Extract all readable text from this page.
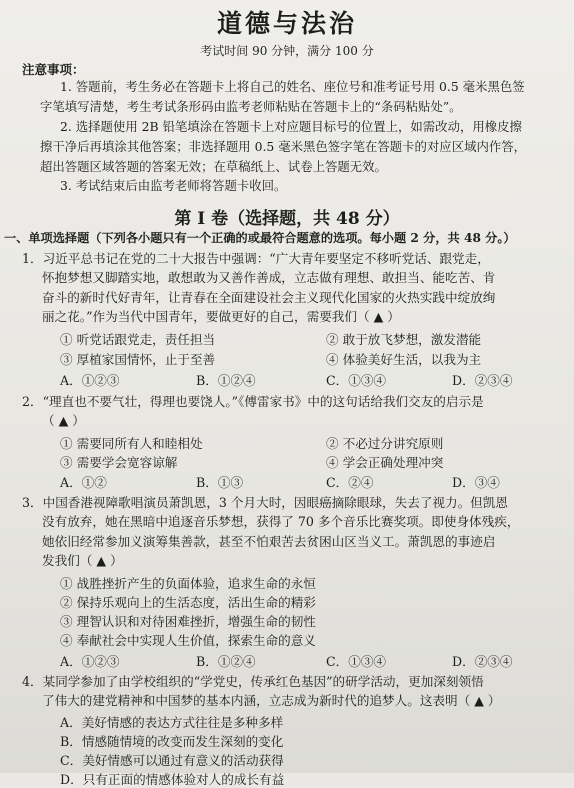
道德与法治
考试时间 90 分钟，满分 100 分
注意事项：
1. 答题前，考生务必在答题卡上将自己的姓名、座位号和准考证号用 0.5 毫米黑色签
字笔填写清楚，考生考试条形码由监考老师粘贴在答题卡上的“条码粘贴处”。
2. 选择题使用 2B 铅笔填涂在答题卡上对应题目标号的位置上，如需改动，用橡皮擦
擦干净后再填涂其他答案；非选择题用 0.5 毫米黑色签字笔在答题卡的对应区域内作答，
超出答题区域答题的答案无效；在草稿纸上、试卷上答题无效。
3. 考试结束后由监考老师将答题卡收回。
第 Ⅰ 卷（选择题，共 48 分）
一、单项选择题（下列各小题只有一个正确的或最符合题意的选项。每小题 2 分，共 48 分。）
1．习近平总书记在党的二十大报告中强调：“广大青年要坚定不移听党话、跟党走，
怀抱梦想又脚踏实地，敢想敢为又善作善成，立志做有理想、敢担当、能吃苦、肯
奋斗的新时代好青年，让青春在全面建设社会主义现代化国家的火热实践中绽放绚
丽之花。”作为当代中国青年，要做更好的自己，需要我们（ ▲ ）
① 听党话跟党走，责任担当	② 敢于放飞梦想，激发潜能
③ 厚植家国情怀，止于至善	④ 体验美好生活，以我为主
A．①②③	B．①②④	C．①③④	D．②③④
2．“理直也不要气壮，得理也要饶人。”《傅雷家书》中的这句话给我们交友的启示是
（ ▲ ）
① 需要同所有人和睦相处	② 不必过分讲究原则
③ 需要学会宽容谅解	④ 学会正确处理冲突
A．①②	B．①③	C．②④	D．③④
3．中国香港视障歌唱演员萧凯恩，3 个月大时，因眼癌摘除眼球，失去了视力。但凯恩
没有放弃，她在黑暗中追逐音乐梦想，获得了 70 多个音乐比赛奖项。即使身体残疾，
她依旧经常参加义演筹集善款，甚至不怕艰苦去贫困山区当义工。萧凯恩的事迹启
发我们（ ▲ ）
① 战胜挫折产生的负面体验，追求生命的永恒
② 保持乐观向上的生活态度，活出生命的精彩
③ 理智认识和对待困难挫折，增强生命的韧性
④ 奉献社会中实现人生价值，探索生命的意义
A．①②③	B．①②④	C．①③④	D．②③④
4．某同学参加了由学校组织的“学党史，传承红色基因”的研学活动，更加深刻领悟
了伟大的建党精神和中国梦的基本内涵，立志成为新时代的追梦人。这表明（ ▲ ）
A．美好情感的表达方式往往是多种多样
B．情感随情境的改变而发生深刻的变化
C．美好情感可以通过有意义的活动获得
D．只有正面的情感体验对人的成长有益
